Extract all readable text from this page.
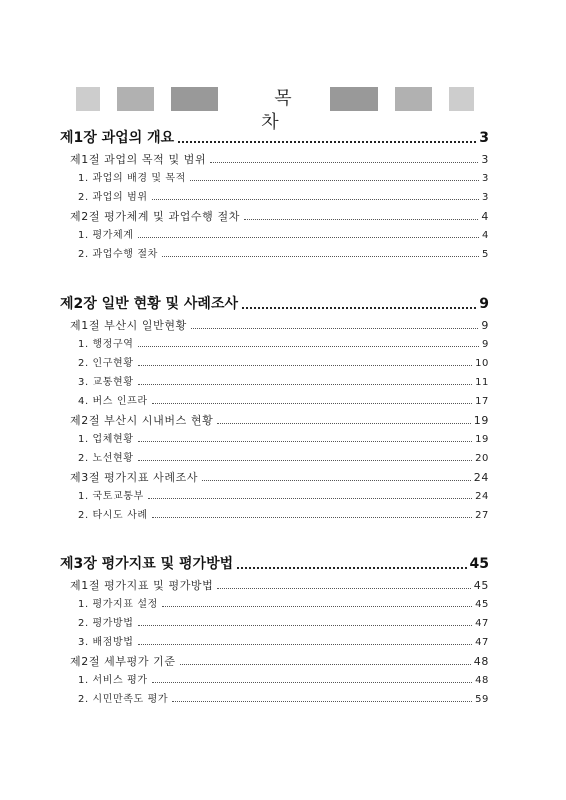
목 차
제1장 과업의 개요	3
제1절 과업의 목적 및 범위	3
1. 과업의 배경 및 목적	3
2. 과업의 범위	3
제2절 평가체계 및 과업수행 절차	4
1. 평가체계	4
2. 과업수행 절차	5
제2장 일반 현황 및 사례조사	9
제1절 부산시 일반현황	9
1. 행정구역	9
2. 인구현황	10
3. 교통현황	11
4. 버스 인프라	17
제2절 부산시 시내버스 현황	19
1. 업체현황	19
2. 노선현황	20
제3절 평가지표 사례조사	24
1. 국토교통부	24
2. 타시도 사례	27
제3장 평가지표 및 평가방법	45
제1절 평가지표 및 평가방법	45
1. 평가지표 설정	45
2. 평가방법	47
3. 배점방법	47
제2절 세부평가 기준	48
1. 서비스 평가	48
2. 시민만족도 평가	59
